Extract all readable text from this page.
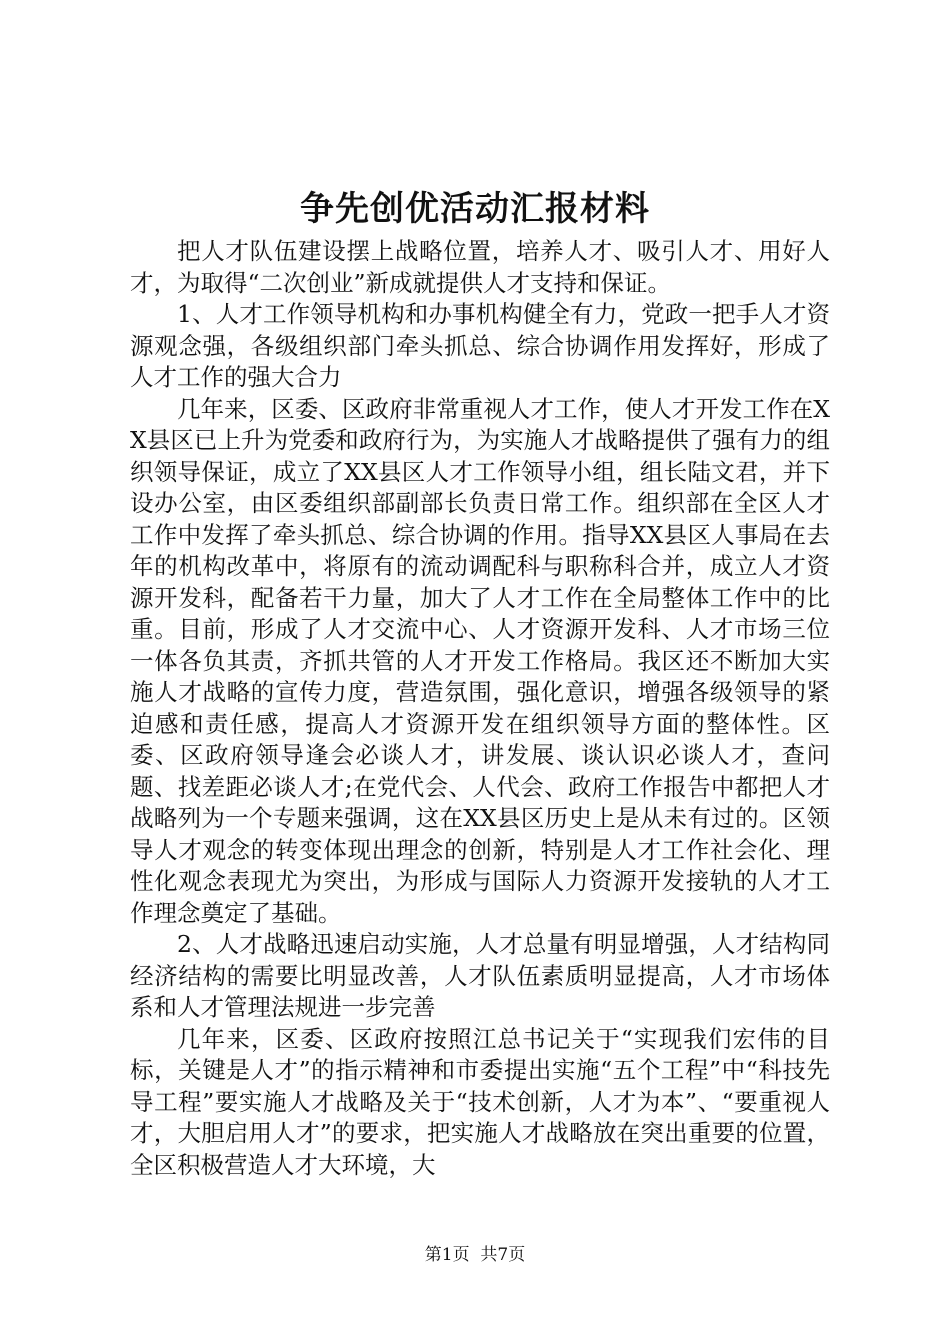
争先创优活动汇报材料

把人才队伍建设摆上战略位置，培养人才、吸引人才、用好人才，为取得“二次创业”新成就提供人才支持和保证。

1、人才工作领导机构和办事机构健全有力，党政一把手人才资源观念强，各级组织部门牵头抓总、综合协调作用发挥好，形成了人才工作的强大合力

几年来，区委、区政府非常重视人才工作，使人才开发工作在XX县区已上升为党委和政府行为，为实施人才战略提供了强有力的组织领导保证，成立了XX县区人才工作领导小组，组长陆文君，并下设办公室，由区委组织部副部长负责日常工作。组织部在全区人才工作中发挥了牵头抓总、综合协调的作用。指导XX县区人事局在去年的机构改革中，将原有的流动调配科与职称科合并，成立人才资源开发科，配备若干力量，加大了人才工作在全局整体工作中的比重。目前，形成了人才交流中心、人才资源开发科、人才市场三位一体各负其责，齐抓共管的人才开发工作格局。我区还不断加大实施人才战略的宣传力度，营造氛围，强化意识，增强各级领导的紧迫感和责任感，提高人才资源开发在组织领导方面的整体性。区委、区政府领导逢会必谈人才，讲发展、谈认识必谈人才，查问题、找差距必谈人才;在党代会、人代会、政府工作报告中都把人才战略列为一个专题来强调，这在XX县区历史上是从未有过的。区领导人才观念的转变体现出理念的创新，特别是人才工作社会化、理性化观念表现尤为突出，为形成与国际人力资源开发接轨的人才工作理念奠定了基础。

2、人才战略迅速启动实施，人才总量有明显增强，人才结构同经济结构的需要比明显改善，人才队伍素质明显提高，人才市场体系和人才管理法规进一步完善

几年来，区委、区政府按照江总书记关于“实现我们宏伟的目标，关键是人才”的指示精神和市委提出实施“五个工程”中“科技先导工程”要实施人才战略及关于“技术创新，人才为本”、“要重视人才，大胆启用人才”的要求，把实施人才战略放在突出重要的位置，全区积极营造人才大环境，大

第1页 共7页
